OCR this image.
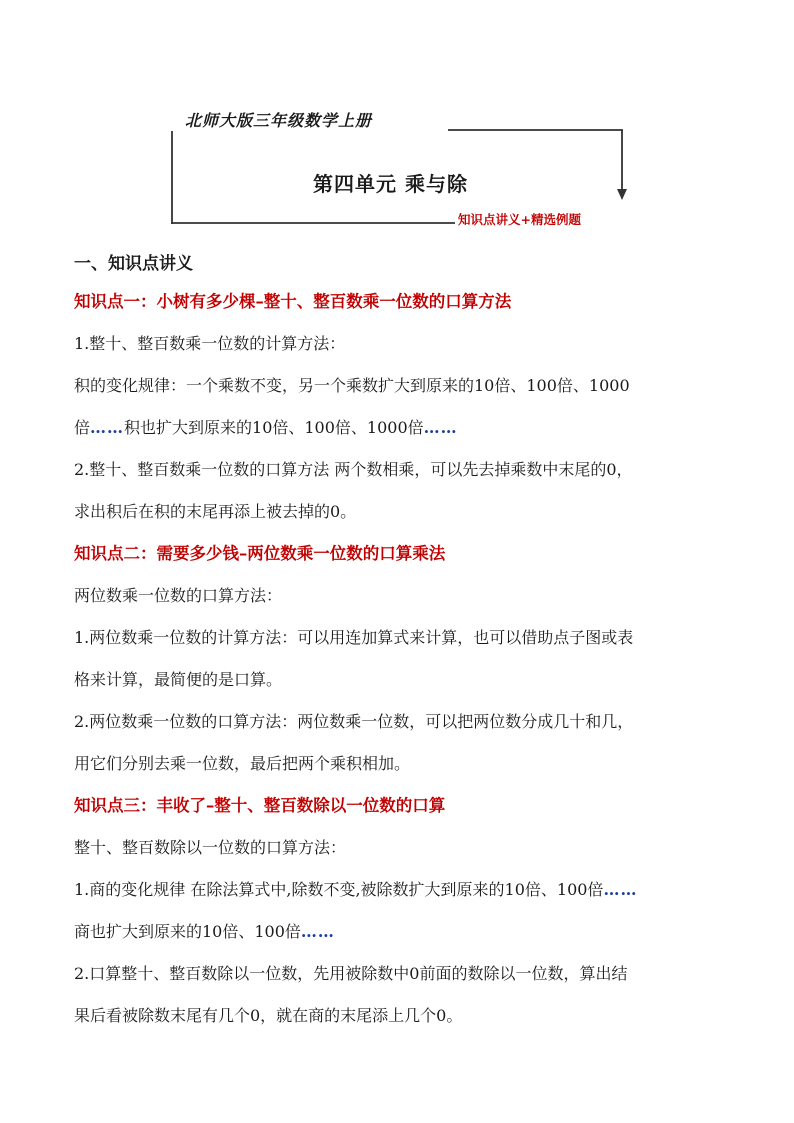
北师大版三年级数学上册
第四单元 乘与除
知识点讲义+精选例题
一、知识点讲义
知识点一：小树有多少棵–整十、整百数乘一位数的口算方法
1.整十、整百数乘一位数的计算方法：
积的变化规律：一个乘数不变，另一个乘数扩大到原来的10倍、100倍、1000
倍……积也扩大到原来的10倍、100倍、1000倍……
2.整十、整百数乘一位数的口算方法 两个数相乘，可以先去掉乘数中末尾的0，
求出积后在积的末尾再添上被去掉的0。
知识点二：需要多少钱–两位数乘一位数的口算乘法
两位数乘一位数的口算方法：
1.两位数乘一位数的计算方法：可以用连加算式来计算，也可以借助点子图或表
格来计算，最简便的是口算。
2.两位数乘一位数的口算方法：两位数乘一位数，可以把两位数分成几十和几，
用它们分别去乘一位数，最后把两个乘积相加。
知识点三：丰收了–整十、整百数除以一位数的口算
整十、整百数除以一位数的口算方法：
1.商的变化规律 在除法算式中,除数不变,被除数扩大到原来的10倍、100倍……
商也扩大到原来的10倍、100倍……
2.口算整十、整百数除以一位数，先用被除数中0前面的数除以一位数，算出结
果后看被除数末尾有几个0，就在商的末尾添上几个0。
